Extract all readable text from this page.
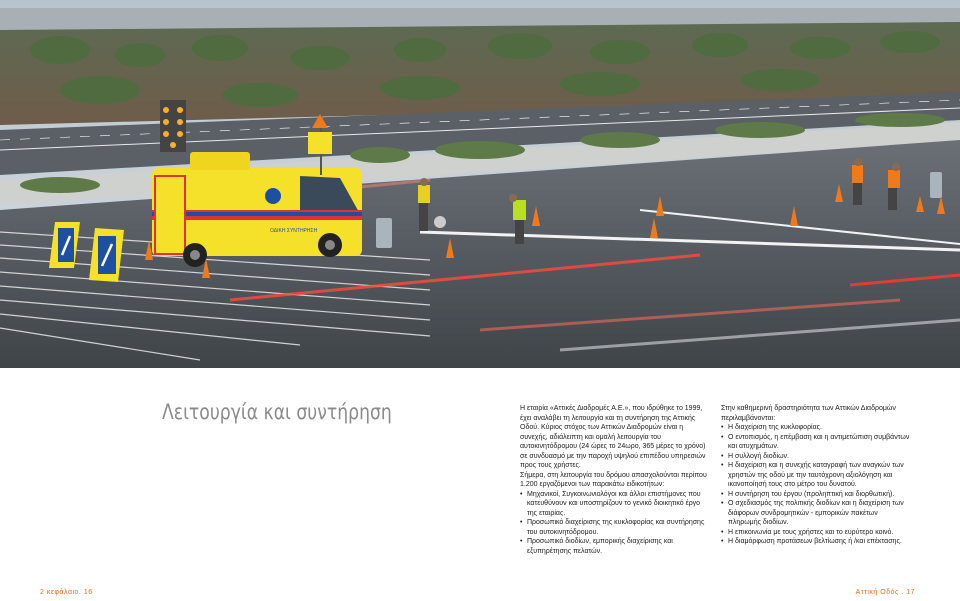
ΟΔΙΚΗ ΣΥΝΤΗΡΗΣΗ
Λειτουργία και συντήρηση	Η εταιρία «Αττικές Διαδρομές Α.Ε.», που ιδρύθηκε το 1999, έχει αναλάβει τη λειτουργία και τη συντήρηση της Αττικής Οδού. Κύριος στόχος των Αττικών Διαδρομών είναι η συνεχής, αδιάλειπτη και ομαλή λειτουργία του αυτοκινητόδρομου (24 ώρες το 24ωρο, 365 μέρες το χρόνο) σε συνδυασμό με την παροχή υψηλού επιπέδου υπηρεσιών προς τους χρήστες.

Σήμερα, στη λειτουργία του δρόμου απασχολούνται περίπου 1.200 εργαζόμενοι των παρακάτω ειδικοτήτων:

• Μηχανικοί, Συγκοινωνιολόγοι και άλλοι επιστήμονες που κατευθύνουν και υποστηρίζουν το γενικό διοικητικό έργο της εταιρίας.
• Προσωπικό διαχείρισης της κυκλοφορίας και συντήρησης του αυτοκινητόδρομου.
• Προσωπικό διοδίων, εμπορικής διαχείρισης και εξυπηρέτησης πελατών.

Στην καθημερινή δραστηριότητα των Αττικών Διαδρομών περιλαμβάνονται:

• Η διαχείριση της κυκλοφορίας.
• Ο εντοπισμός, η επέμβαση και η αντιμετώπιση συμβάντων και ατυχημάτων.
• Η συλλογή διοδίων.
• Η διαχείριση και η συνεχής καταγραφή των αναγκών των χρηστών της οδού με την ταυτόχρονη αξιολόγηση και ικανοποίησή τους στο μέτρο του δυνατού.
• Η συντήρηση του έργου (προληπτική και διορθωτική).
• Ο σχεδιασμός της πολιτικής διοδίων και η διαχείριση των διάφορων συνδρομητικών - εμπορικών πακέτων πληρωμής διοδίων.
• Η επικοινωνία με τους χρήστες και το ευρύτερο κοινό.
• Η διαμόρφωση προτάσεων βελτίωσης ή /και επέκτασης.
2 κεφάλαιο. 16	Αττική Οδός . 17
